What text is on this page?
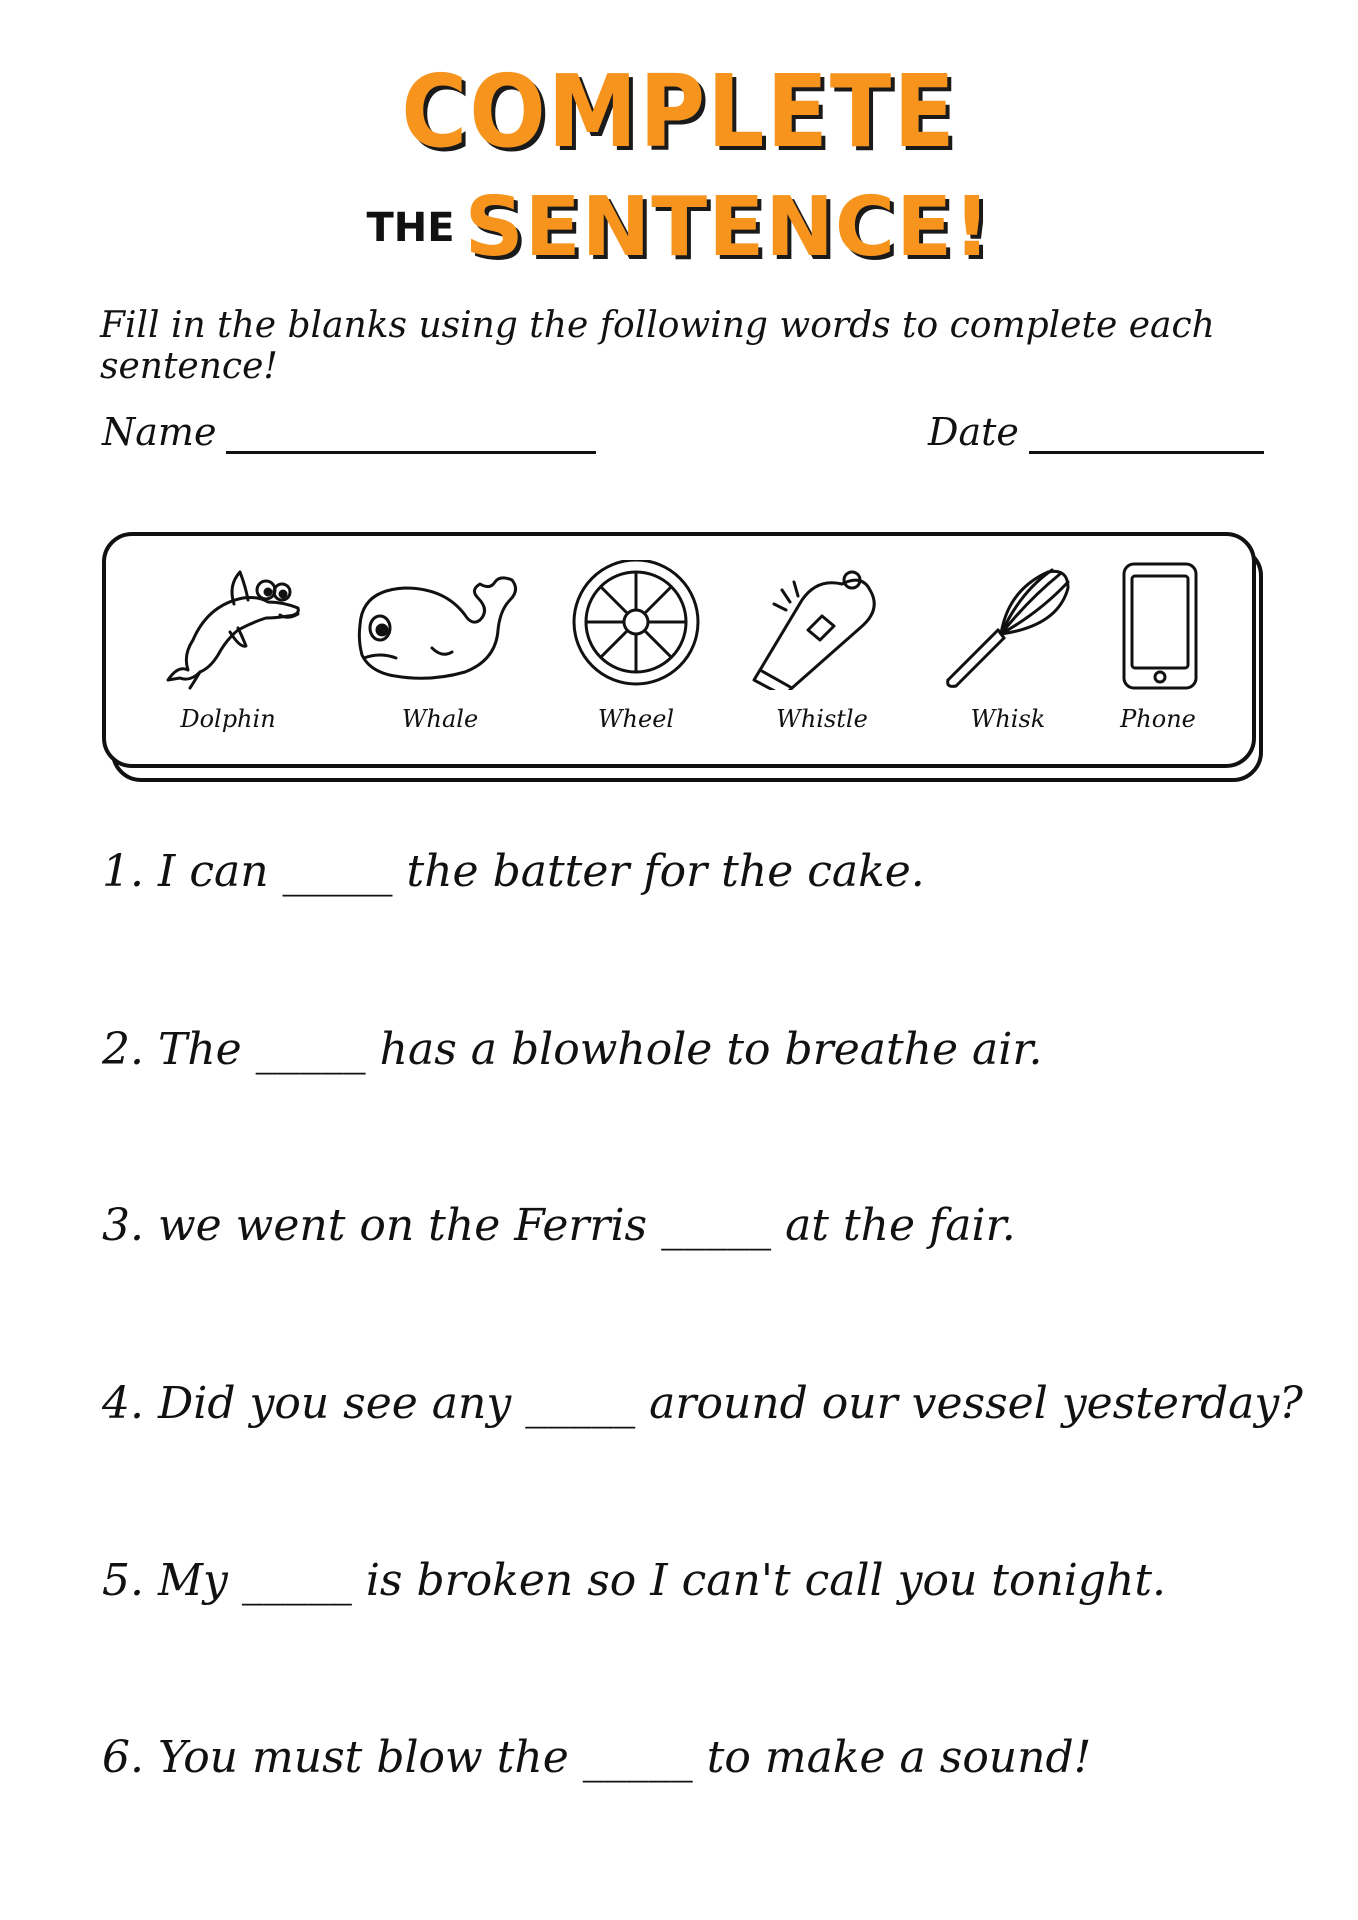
COMPLETE
THE SENTENCE!
Fill in the blanks using the following words to complete each sentence!
Name	Date
Dolphin	Whale	Wheel	Whistle	Whisk	Phone
1. I can _____ the batter for the cake.
2. The _____ has a blowhole to breathe air.
3. we went on the Ferris _____ at the fair.
4. Did you see any _____ around our vessel yesterday?
5. My _____ is broken so I can't call you tonight.
6. You must blow the _____ to make a sound!
